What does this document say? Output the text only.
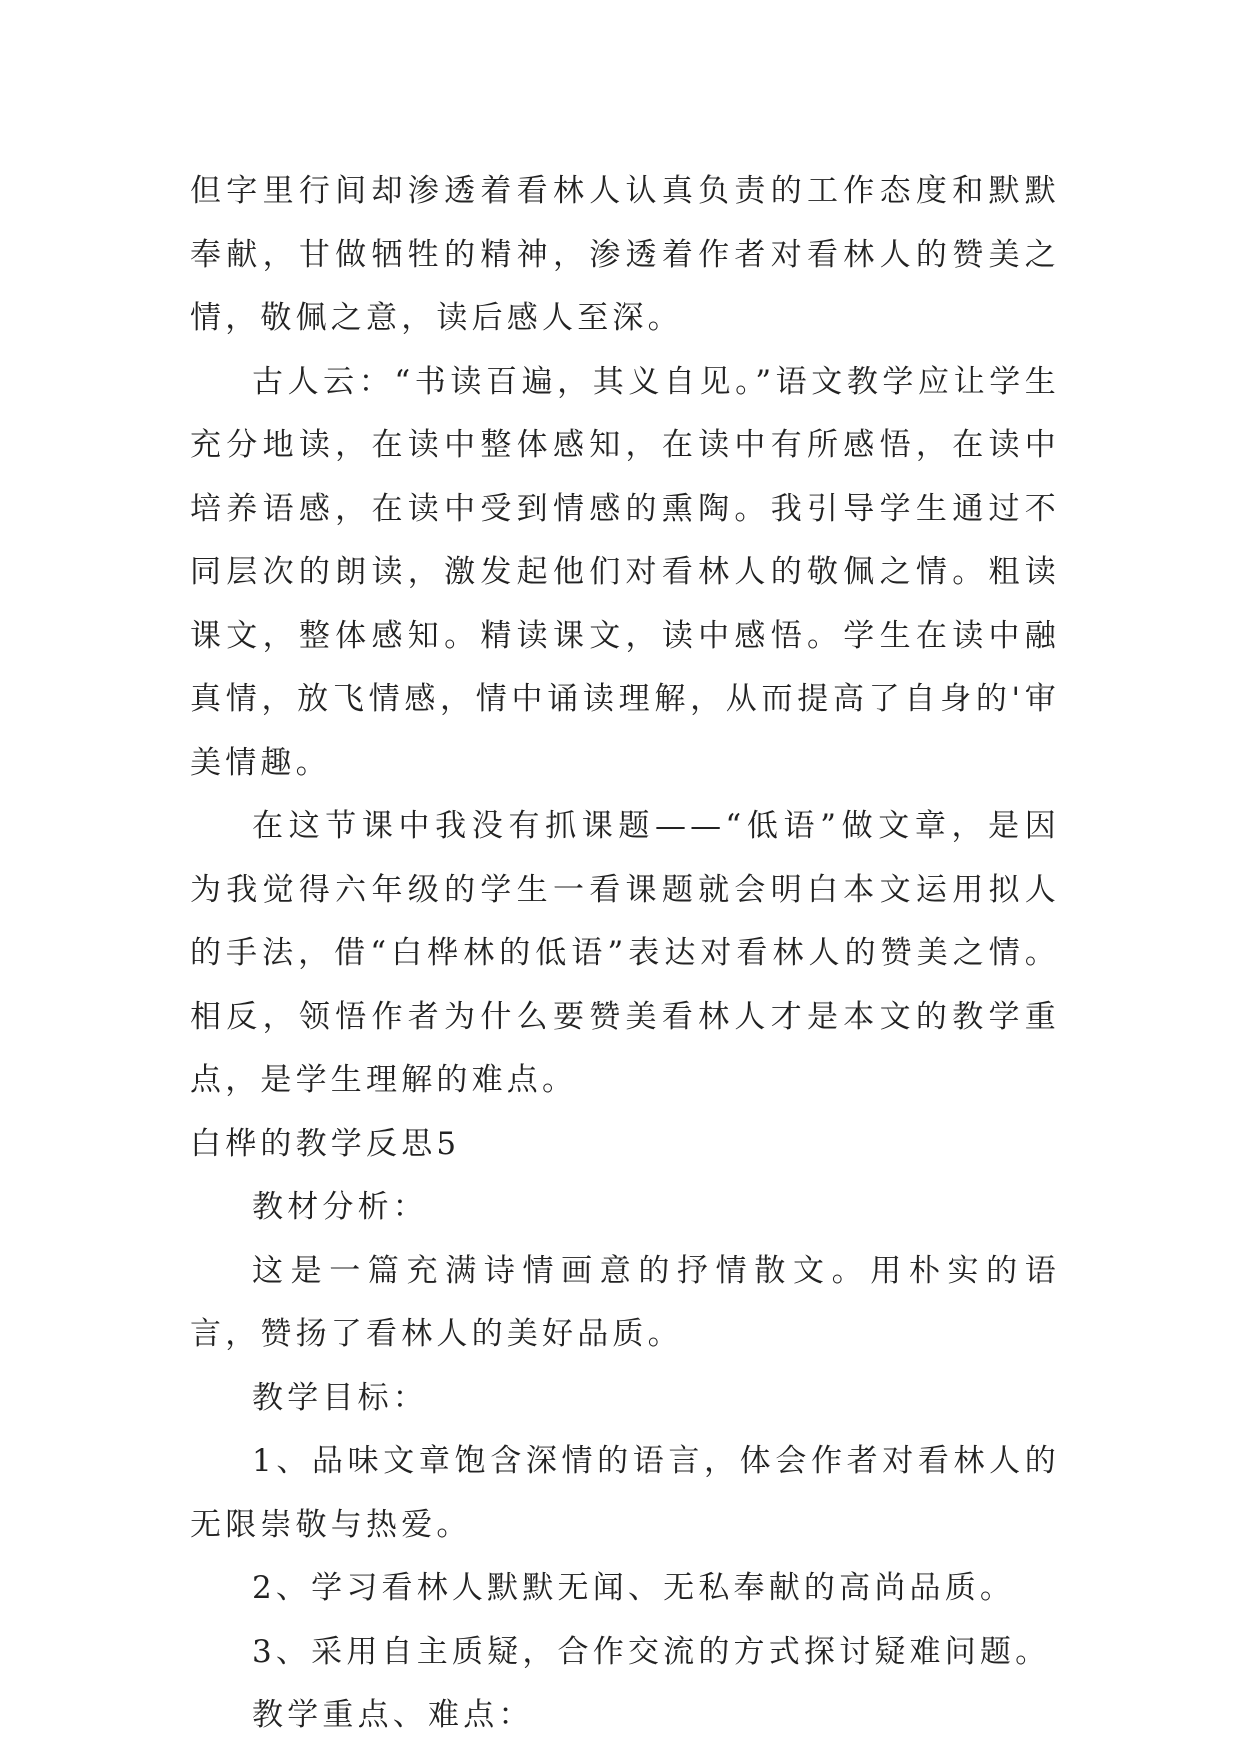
但字里行间却渗透着看林人认真负责的工作态度和默默奉献，甘做牺牲的精神，渗透着作者对看林人的赞美之情，敬佩之意，读后感人至深。

古人云：“书读百遍，其义自见。”语文教学应让学生充分地读，在读中整体感知，在读中有所感悟，在读中培养语感，在读中受到情感的熏陶。我引导学生通过不同层次的朗读，激发起他们对看林人的敬佩之情。粗读课文，整体感知。精读课文，读中感悟。学生在读中融真情，放飞情感，情中诵读理解，从而提高了自身的'审美情趣。

在这节课中我没有抓课题——“低语”做文章，是因为我觉得六年级的学生一看课题就会明白本文运用拟人的手法，借“白桦林的低语”表达对看林人的赞美之情。相反，领悟作者为什么要赞美看林人才是本文的教学重点，是学生理解的难点。

白桦的教学反思5

教材分析：

这是一篇充满诗情画意的抒情散文。用朴实的语言，赞扬了看林人的美好品质。

教学目标：

1、品味文章饱含深情的语言，体会作者对看林人的无限崇敬与热爱。

2、学习看林人默默无闻、无私奉献的高尚品质。

3、采用自主质疑，合作交流的方式探讨疑难问题。

教学重点、难点：
